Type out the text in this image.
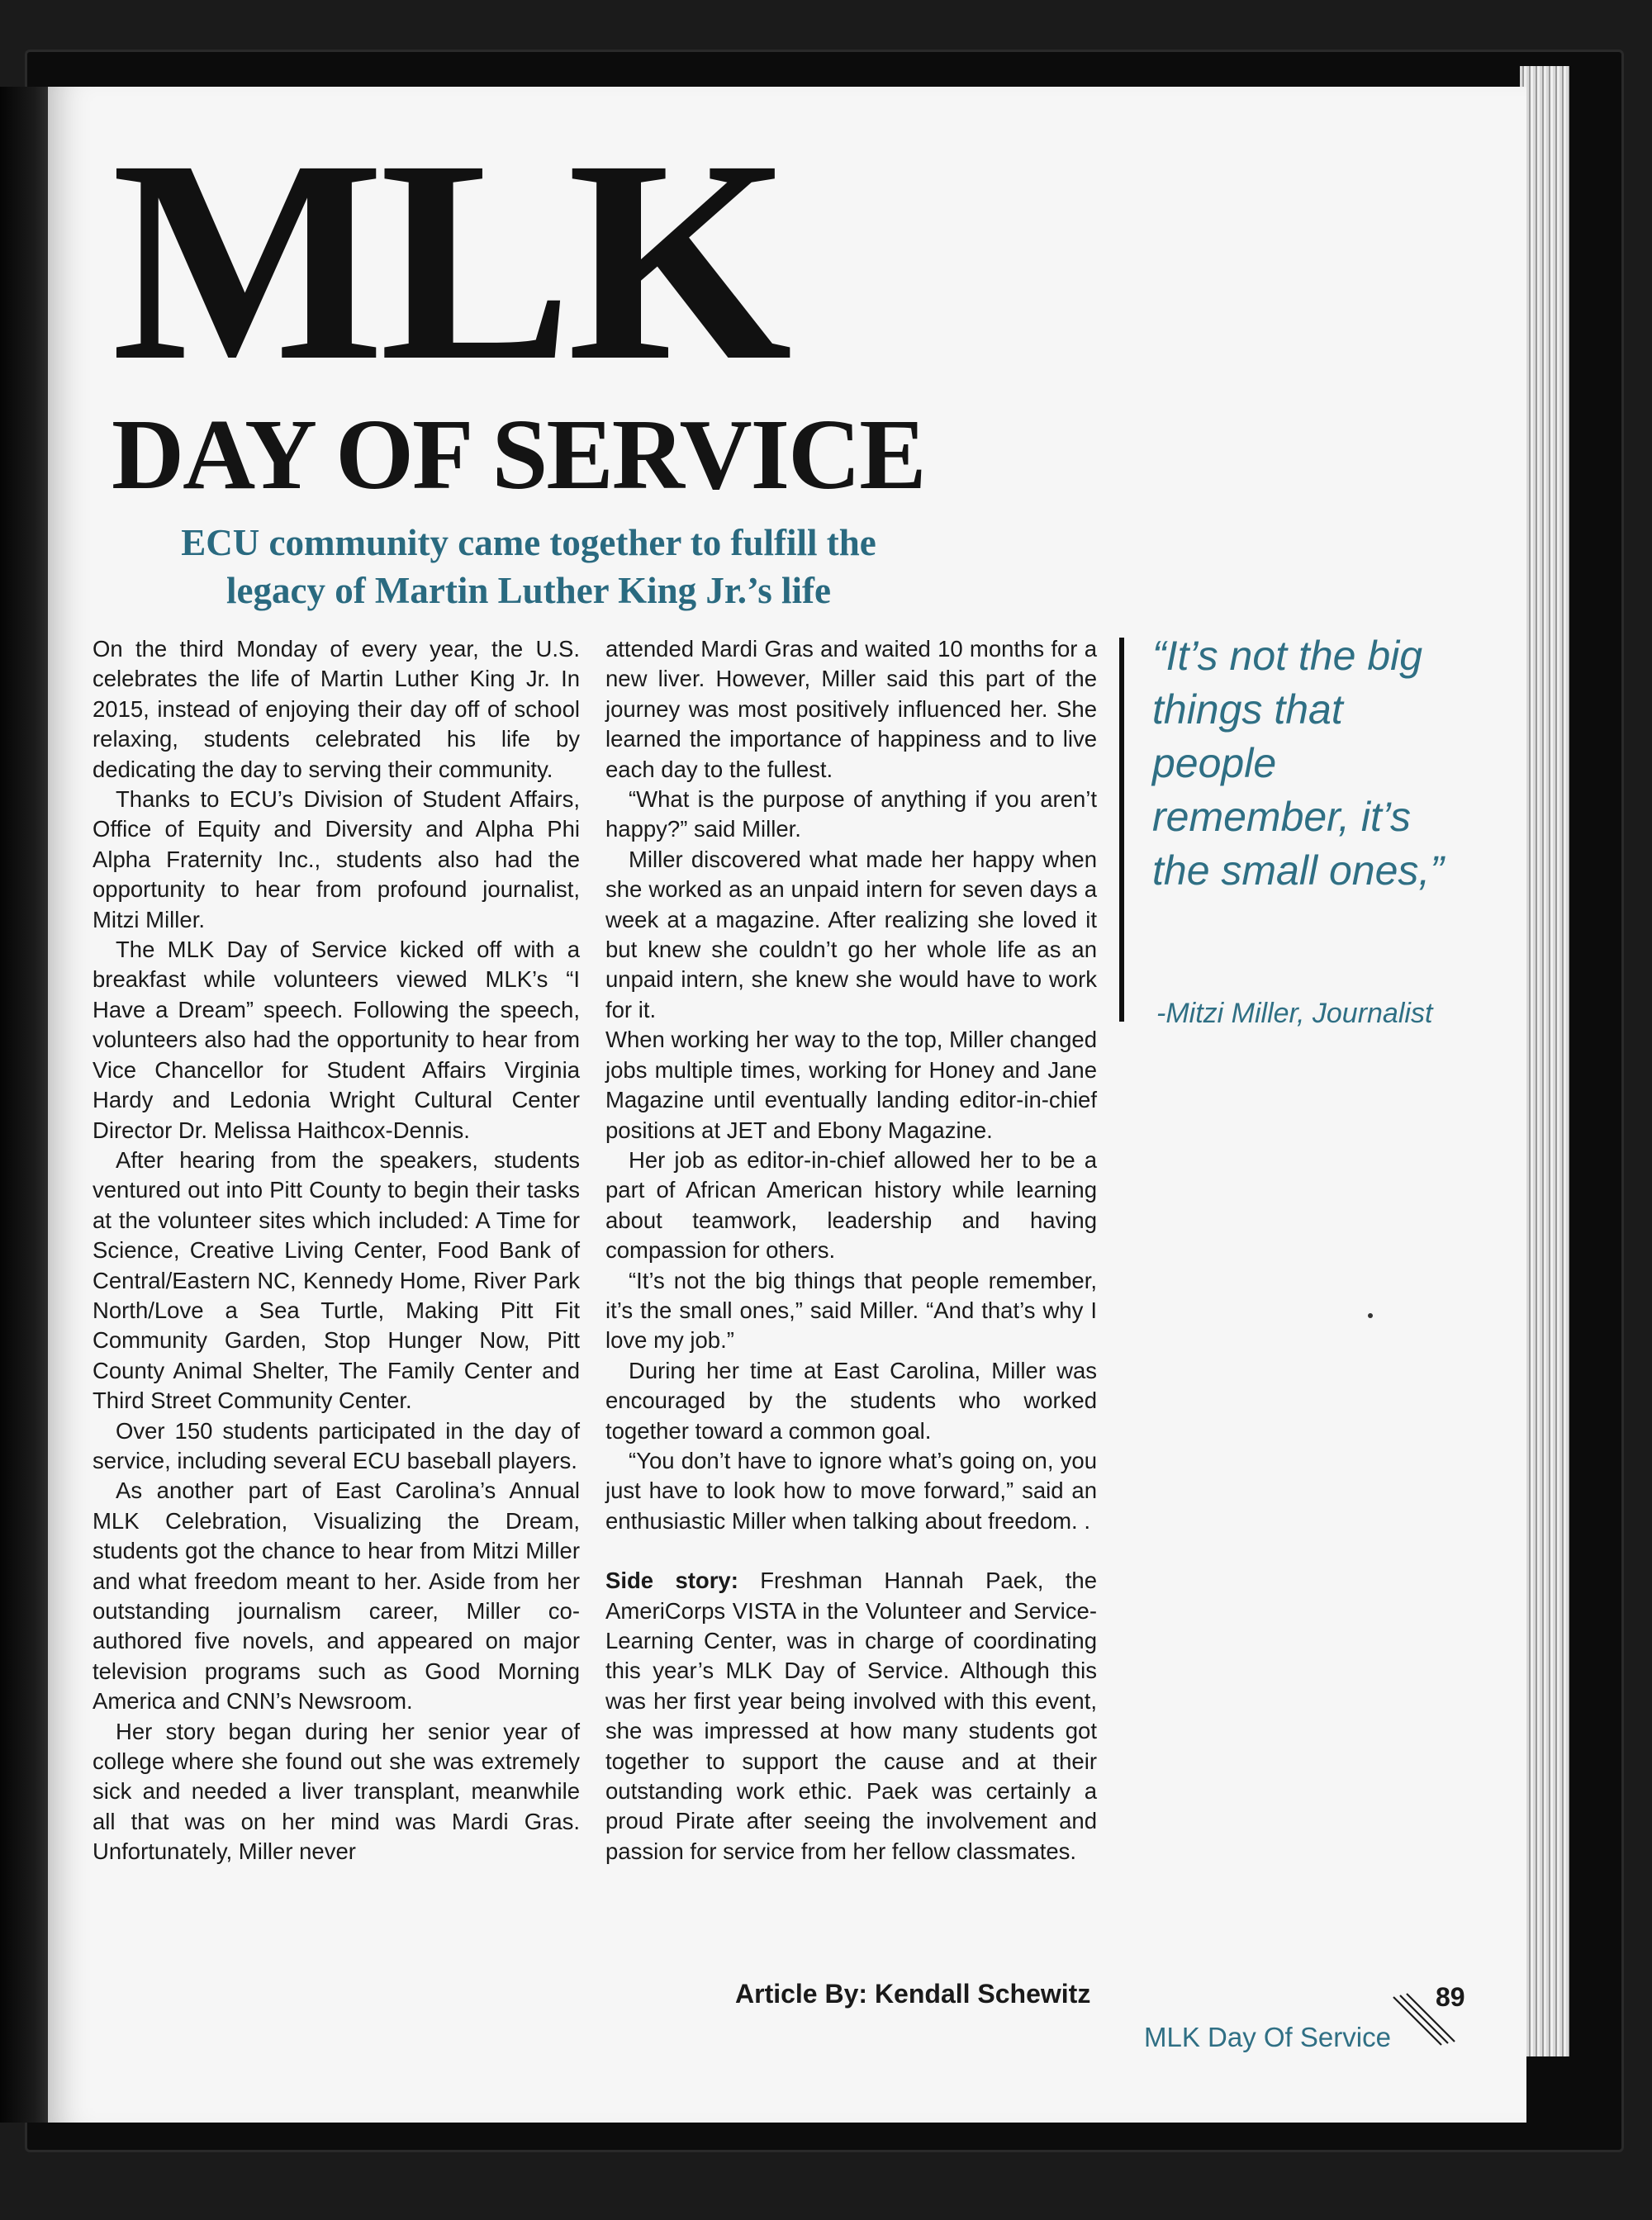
MLK
DAY OF SERVICE
ECU community came together to fulfill the
legacy of Martin Luther King Jr.’s life

On the third Monday of every year, the U.S. celebrates the life of Martin Luther King Jr. In 2015, instead of enjoying their day off of school relaxing, students celebrated his life by dedicating the day to serving their community.

Thanks to ECU’s Division of Student Affairs, Office of Equity and Diversity and Alpha Phi Alpha Fraternity Inc., students also had the opportunity to hear from profound journalist, Mitzi Miller.

The MLK Day of Service kicked off with a breakfast while volunteers viewed MLK’s “I Have a Dream” speech. Following the speech, volunteers also had the opportunity to hear from Vice Chancellor for Student Affairs Virginia Hardy and Ledonia Wright Cultural Center Director Dr. Melissa Haithcox-Dennis.

After hearing from the speakers, students ventured out into Pitt County to begin their tasks at the volunteer sites which included: A Time for Science, Creative Living Center, Food Bank of Central/Eastern NC, Kennedy Home, River Park North/Love a Sea Turtle, Making Pitt Fit Community Garden, Stop Hunger Now, Pitt County Animal Shelter, The Family Center and Third Street Community Center.

Over 150 students participated in the day of service, including several ECU baseball players.

As another part of East Carolina’s Annual MLK Celebration, Visualizing the Dream, students got the chance to hear from Mitzi Miller and what freedom meant to her. Aside from her outstanding journalism career, Miller co-authored five novels, and appeared on major television programs such as Good Morning America and CNN’s Newsroom.

Her story began during her senior year of college where she found out she was extremely sick and needed a liver transplant, meanwhile all that was on her mind was Mardi Gras. Unfortunately, Miller never

attended Mardi Gras and waited 10 months for a new liver. However, Miller said this part of the journey was most positively influenced her. She learned the importance of happiness and to live each day to the fullest.

“What is the purpose of anything if you aren’t happy?” said Miller.

Miller discovered what made her happy when she worked as an unpaid intern for seven days a week at a magazine. After realizing she loved it but knew she couldn’t go her whole life as an unpaid intern, she knew she would have to work for it.

When working her way to the top, Miller changed jobs multiple times, working for Honey and Jane Magazine until eventually landing editor-in-chief positions at JET and Ebony Magazine.

Her job as editor-in-chief allowed her to be a part of African American history while learning about teamwork, leadership and having compassion for others.

“It’s not the big things that people remember, it’s the small ones,” said Miller. “And that’s why I love my job.”

During her time at East Carolina, Miller was encouraged by the students who worked together toward a common goal.

“You don’t have to ignore what’s going on, you just have to look how to move forward,” said an enthusiastic Miller when talking about freedom. .

Side story: Freshman Hannah Paek, the AmeriCorps VISTA in the Volunteer and Service-Learning Center, was in charge of coordinating this year’s MLK Day of Service. Although this was her first year being involved with this event, she was impressed at how many students got together to support the cause and at their outstanding work ethic. Paek was certainly a proud Pirate after seeing the involvement and passion for service from her fellow classmates.

Article By: Kendall Schewitz
“It’s not the big things that people remember, it’s the small ones,”
-Mitzi Miller, Journalist
89
MLK Day Of Service
